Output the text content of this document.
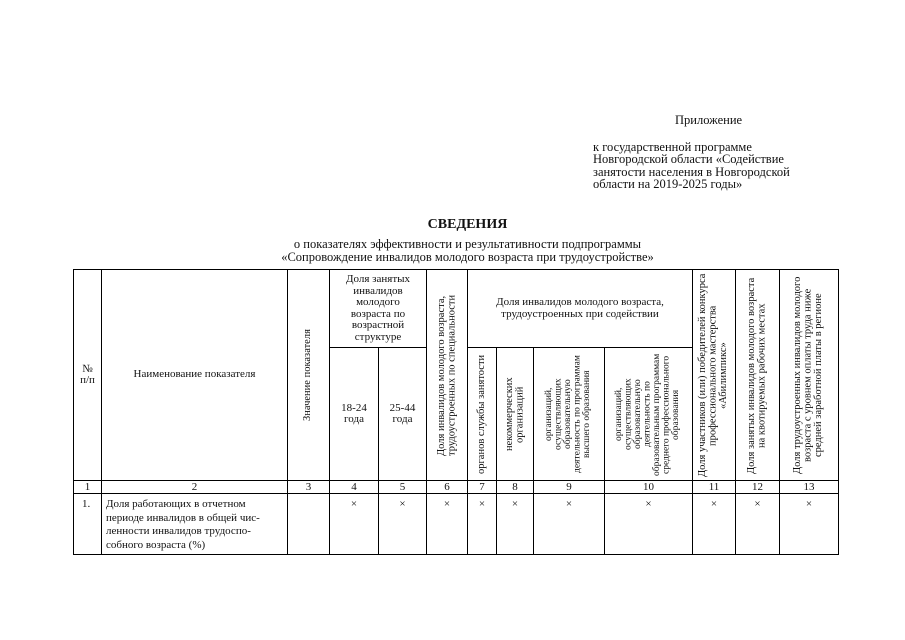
Приложение
к государственной программе
Новгородской области «Содействие
занятости населения в Новгородской
области на 2019-2025 годы»
СВЕДЕНИЯ
о показателях эффективности и результативности подпрограммы
«Сопровождение инвалидов молодого возраста при трудоустройстве»
№ п/п	Наименование показателя	Значение показателя	Доля занятых инвалидов молодого возраста по возрастной структуре		Доля инвалидов молодого возраста, трудоустроенных по специальности	Доля инвалидов молодого возраста, трудоустроенных при содействии				Доля участников (или) победителей конкурса профессионального мастерства «Абилимпикс»	Доля занятых инвалидов молодого возраста на квотируемых рабочих местах	Доля трудоустроенных инвалидов молодого возраста с уровнем оплаты труда ниже средней заработной платы в регионе

			18-24 года	25-44 года		органов службы занятости	некоммерческих организаций	организаций, осуществляющих образовательную деятельность по программам высшего образования	организаций, осуществляющих образовательную деятельность по образовательным программам среднего профессионального образования			

1	2	3	4	5	6	7	8	9	10	11	12	13
1.	Доля работающих в отчетном
периоде инвалидов в общей чис-
ленности инвалидов трудоспо-
собного возраста (%)		×	×	×	×	×	×	×	×	×	×
